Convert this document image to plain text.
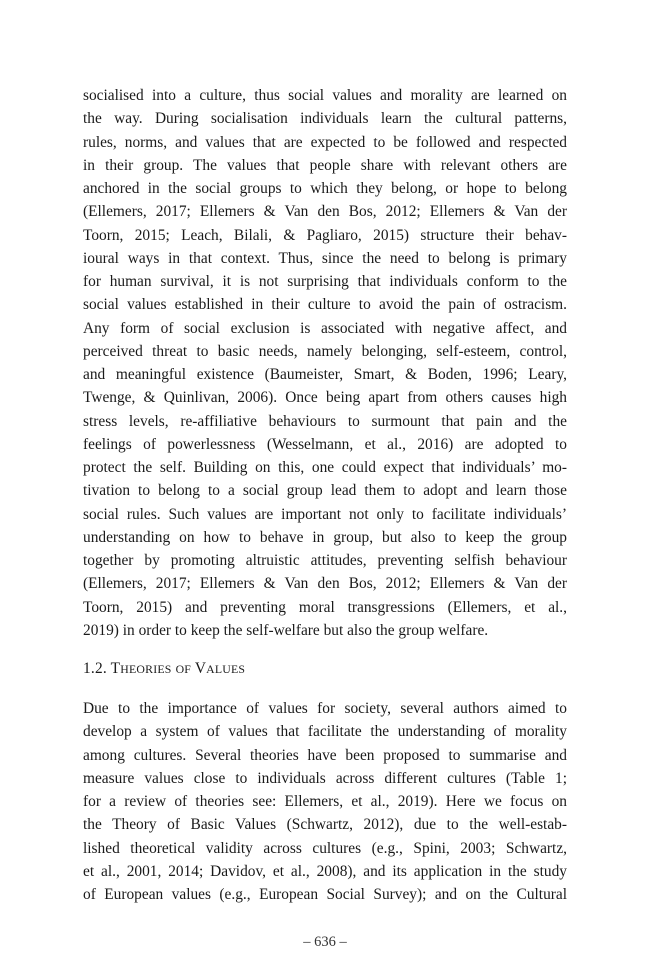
socialised into a culture, thus social values and morality are learned on

the way. During socialisation individuals learn the cultural patterns,

rules, norms, and values that are expected to be followed and respected

in their group. The values that people share with relevant others are

anchored in the social groups to which they belong, or hope to belong

(Ellemers, 2017; Ellemers & Van den Bos, 2012; Ellemers & Van der

Toorn, 2015; Leach, Bilali, & Pagliaro, 2015) structure their behav-

ioural ways in that context. Thus, since the need to belong is primary

for human survival, it is not surprising that individuals conform to the

social values established in their culture to avoid the pain of ostracism.

Any form of social exclusion is associated with negative affect, and

perceived threat to basic needs, namely belonging, self-esteem, control,

and meaningful existence (Baumeister, Smart, & Boden, 1996; Leary,

Twenge, & Quinlivan, 2006). Once being apart from others causes high

stress levels, re-affiliative behaviours to surmount that pain and the

feelings of powerlessness (Wesselmann, et al., 2016) are adopted to

protect the self. Building on this, one could expect that individuals’ mo-

tivation to belong to a social group lead them to adopt and learn those

social rules. Such values are important not only to facilitate individuals’

understanding on how to behave in group, but also to keep the group

together by promoting altruistic attitudes, preventing selfish behaviour

(Ellemers, 2017; Ellemers & Van den Bos, 2012; Ellemers & Van der

Toorn, 2015) and preventing moral transgressions (Ellemers, et al.,

2019) in order to keep the self-welfare but also the group welfare.

1.2. THEORIES OF VALUES

Due to the importance of values for society, several authors aimed to

develop a system of values that facilitate the understanding of morality

among cultures. Several theories have been proposed to summarise and

measure values close to individuals across different cultures (Table 1;

for a review of theories see: Ellemers, et al., 2019). Here we focus on

the Theory of Basic Values (Schwartz, 2012), due to the well-estab-

lished theoretical validity across cultures (e.g., Spini, 2003; Schwartz,

et al., 2001, 2014; Davidov, et al., 2008), and its application in the study

of European values (e.g., European Social Survey); and on the Cultural

– 636 –
